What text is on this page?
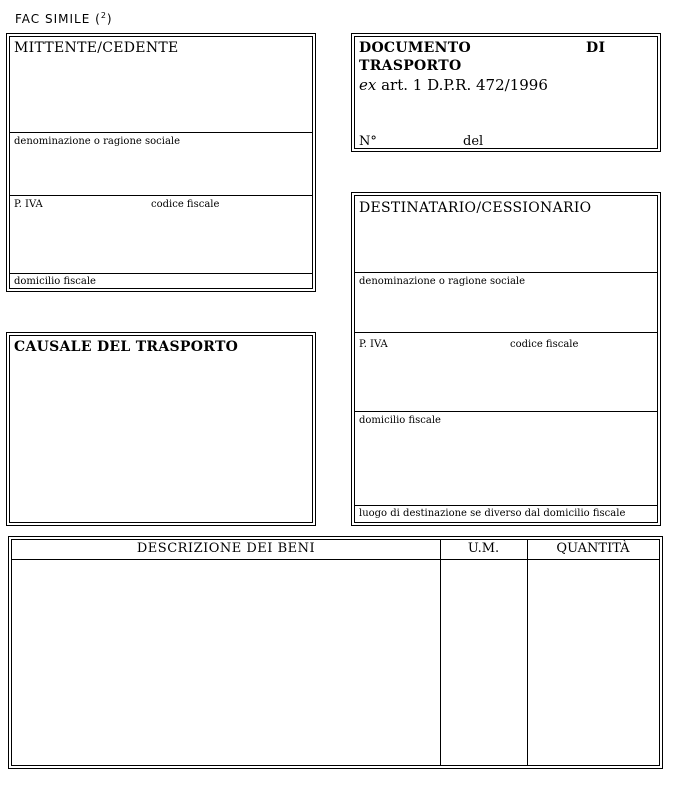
FAC SIMILE ($^2$)
MITTENTE/CEDENTE
denominazione o ragione sociale
P. IVA	codice fiscale
domicilio fiscale
DOCUMENTO	DI
TRASPORTO
ex art. 1 D.P.R. 472/1996
N°	del
DESTINATARIO/CESSIONARIO
denominazione o ragione sociale
P. IVA	codice fiscale
domicilio fiscale
luogo di destinazione se diverso dal domicilio fiscale
CAUSALE DEL TRASPORTO
DESCRIZIONE DEI BENI	U.M.	QUANTITÀ
